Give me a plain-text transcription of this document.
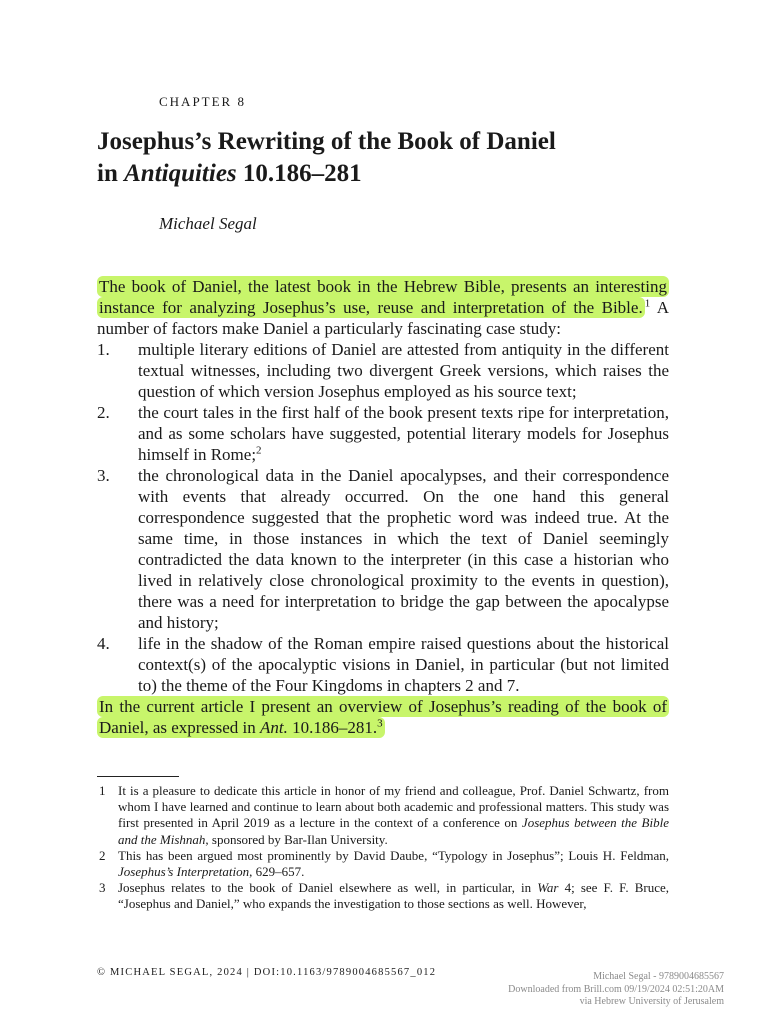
CHAPTER 8
Josephus’s Rewriting of the Book of Daniel
in Antiquities 10.186–281
Michael Segal

The book of Daniel, the latest book in the Hebrew Bible, presents an interesting instance for analyzing Josephus’s use, reuse and interpretation of the Bible. $^1$ A number of factors make Daniel a particularly fascinating case study:

1. multiple literary editions of Daniel are attested from antiquity in the different textual witnesses, including two divergent Greek versions, which raises the question of which version Josephus employed as his source text;
2. the court tales in the first half of the book present texts ripe for interpretation, and as some scholars have suggested, potential literary models for Josephus himself in Rome;$^2$
3. the chronological data in the Daniel apocalypses, and their correspondence with events that already occurred. On the one hand this general correspondence suggested that the prophetic word was indeed true. At the same time, in those instances in which the text of Daniel seemingly contradicted the data known to the interpreter (in this case a historian who lived in relatively close chronological proximity to the events in question), there was a need for interpretation to bridge the gap between the apocalypse and history;
4. life in the shadow of the Roman empire raised questions about the historical context(s) of the apocalyptic visions in Daniel, in particular (but not limited to) the theme of the Four Kingdoms in chapters 2 and 7.

In the current article I present an overview of Josephus’s reading of the book of Daniel, as expressed in Ant. 10.186–281.$^3$

1 It is a pleasure to dedicate this article in honor of my friend and colleague, Prof. Daniel Schwartz, from whom I have learned and continue to learn about both academic and professional matters. This study was first presented in April 2019 as a lecture in the context of a conference on Josephus between the Bible and the Mishnah, sponsored by Bar-Ilan University.
2 This has been argued most prominently by David Daube, “Typology in Josephus”; Louis H. Feldman, Josephus’s Interpretation, 629–657.
3 Josephus relates to the book of Daniel elsewhere as well, in particular, in War 4; see F. F. Bruce, “Josephus and Daniel,” who expands the investigation to those sections as well. However,
© MICHAEL SEGAL, 2024 | DOI:10.1163/9789004685567_012	Michael Segal - 9789004685567
Downloaded from Brill.com 09/19/2024 02:51:20AM
via Hebrew University of Jerusalem
